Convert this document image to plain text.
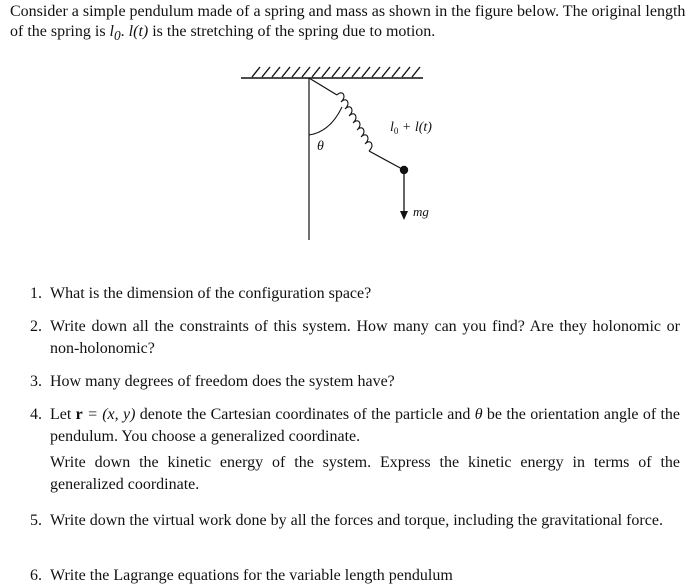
Consider a simple pendulum made of a spring and mass as shown in the figure below. The original length of the spring is $l_0$. l(t) is the stretching of the spring due to motion.

$l_0 + l(t)$
θ
mg
1. What is the dimension of the configuration space?

2. Write down all the constraints of this system. How many can you find? Are they holonomic or non-holonomic?

3. How many degrees of freedom does the system have?

4. Let r = (x, y) denote the Cartesian coordinates of the particle and θ be the orientation angle of the pendulum. You choose a generalized coordinate.

Write down the kinetic energy of the system. Express the kinetic energy in terms of the generalized coordinate.

5. Write down the virtual work done by all the forces and torque, including the gravitational force.

6. Write the Lagrange equations for the variable length pendulum
